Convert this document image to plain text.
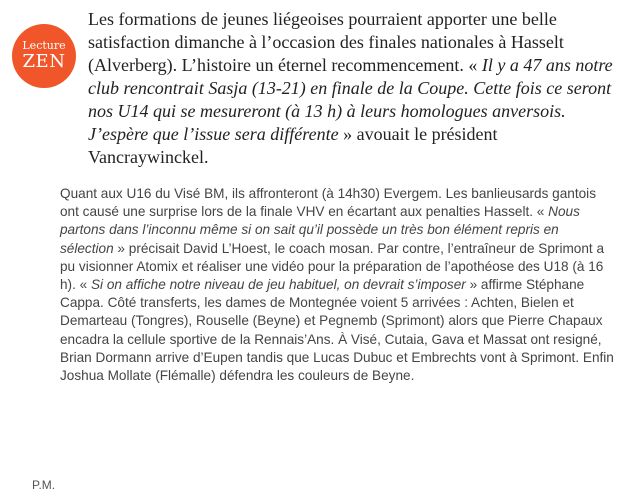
Lecture
ZEN

Les formations de jeunes liégeoises pourraient apporter une belle satisfaction dimanche à l’occasion des finales nationales à Hasselt (Alverberg). L’histoire un éternel recommencement. « Il y a 47 ans notre club rencontrait Sasja (13-21) en finale de la Coupe. Cette fois ce seront nos U14 qui se mesureront (à 13 h) à leurs homologues anversois. J’espère que l’issue sera différente » avouait le président Vancraywinckel.

Quant aux U16 du Visé BM, ils affronteront (à 14h30) Evergem. Les banlieusards gantois ont causé une surprise lors de la finale VHV en écartant aux penalties Hasselt. « Nous partons dans l’inconnu même si on sait qu’il possède un très bon élément repris en sélection » précisait David L’Hoest, le coach mosan. Par contre, l’entraîneur de Sprimont a pu visionner Atomix et réaliser une vidéo pour la préparation de l’apothéose des U18 (à 16 h). « Si on affiche notre niveau de jeu habituel, on devrait s’imposer » affirme Stéphane Cappa. Côté transferts, les dames de Montegnée voient 5 arrivées : Achten, Bielen et Demarteau (Tongres), Rouselle (Beyne) et Pegnemb (Sprimont) alors que Pierre Chapaux encadra la cellule sportive de la Rennais’Ans. À Visé, Cutaia, Gava et Massat ont resigné, Brian Dormann arrive d’Eupen tandis que Lucas Dubuc et Embrechts vont à Sprimont. Enfin Joshua Mollate (Flémalle) défendra les couleurs de Beyne.

P.M.
